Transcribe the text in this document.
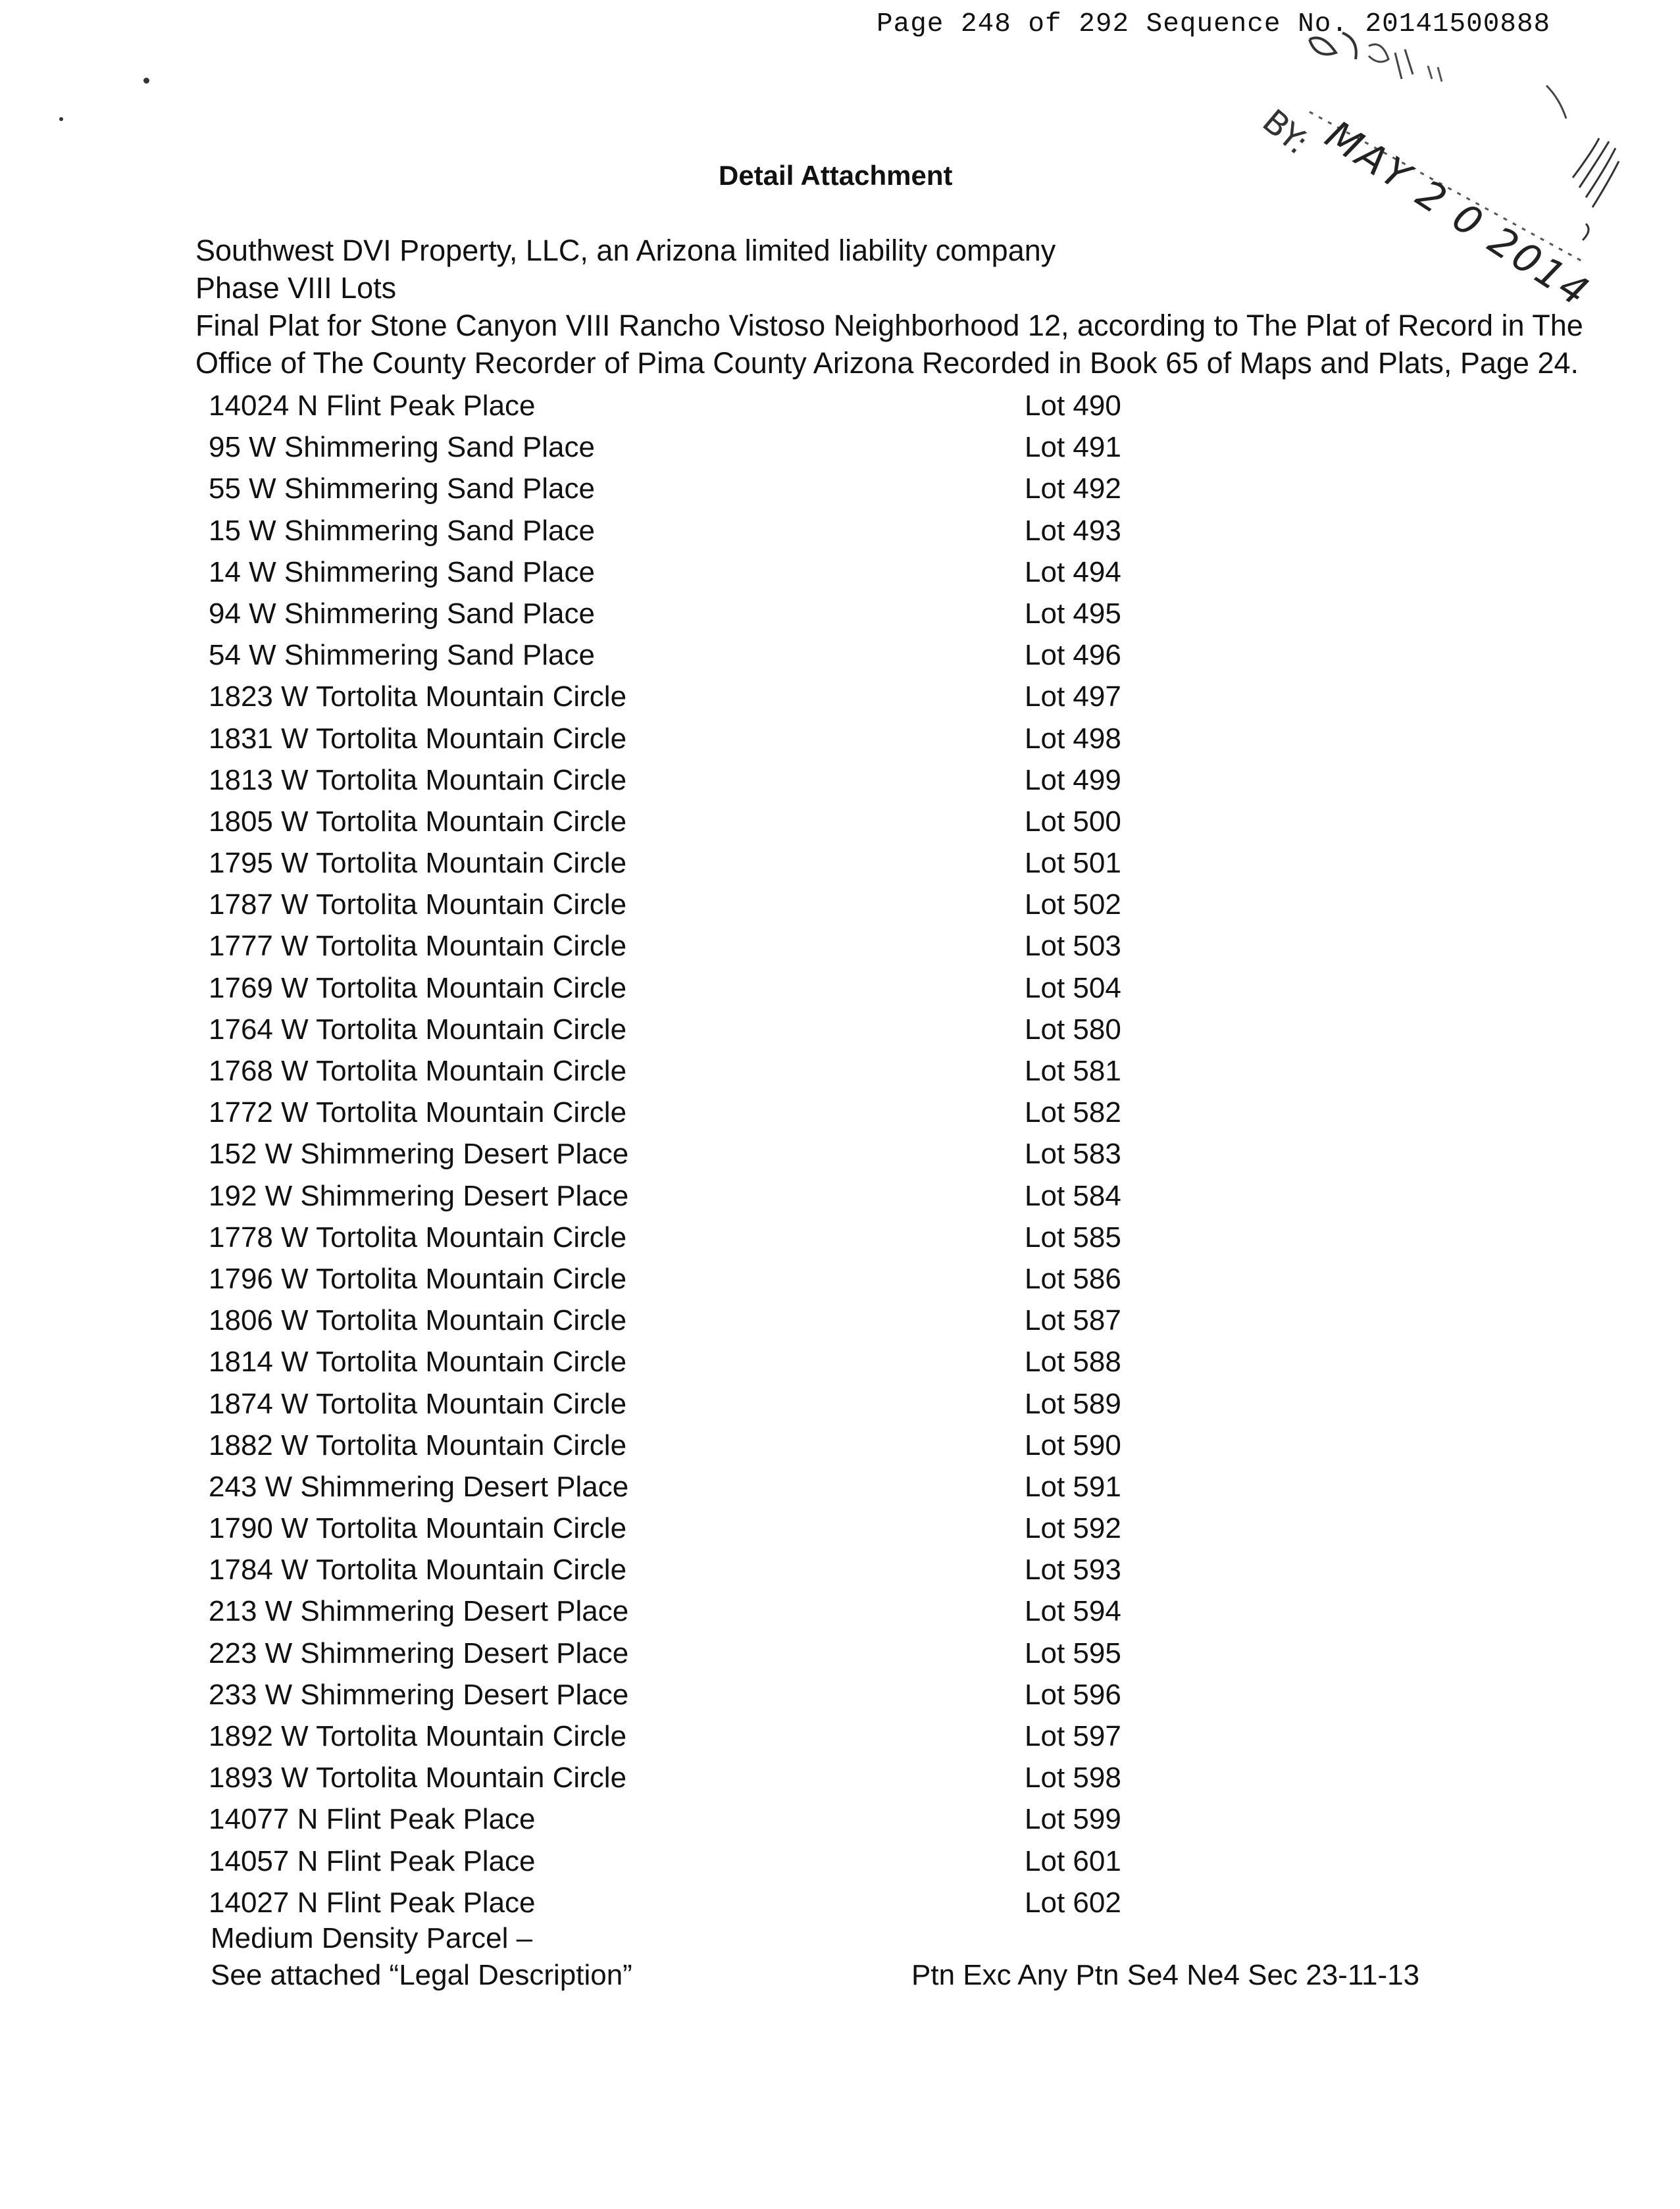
Page 248 of 292 Sequence No. 20141500888
BY: MAY 2 0 2014
Detail Attachment
Southwest DVI Property, LLC, an Arizona limited liability company
Phase VIII Lots
Final Plat for Stone Canyon VIII Rancho Vistoso Neighborhood 12, according to The Plat of Record in The
Office of The County Recorder of Pima County Arizona Recorded in Book 65 of Maps and Plats, Page 24.
14024 N Flint Peak Place	Lot 490
95 W Shimmering Sand Place	Lot 491
55 W Shimmering Sand Place	Lot 492
15 W Shimmering Sand Place	Lot 493
14 W Shimmering Sand Place	Lot 494
94 W Shimmering Sand Place	Lot 495
54 W Shimmering Sand Place	Lot 496
1823 W Tortolita Mountain Circle	Lot 497
1831 W Tortolita Mountain Circle	Lot 498
1813 W Tortolita Mountain Circle	Lot 499
1805 W Tortolita Mountain Circle	Lot 500
1795 W Tortolita Mountain Circle	Lot 501
1787 W Tortolita Mountain Circle	Lot 502
1777 W Tortolita Mountain Circle	Lot 503
1769 W Tortolita Mountain Circle	Lot 504
1764 W Tortolita Mountain Circle	Lot 580
1768 W Tortolita Mountain Circle	Lot 581
1772 W Tortolita Mountain Circle	Lot 582
152 W Shimmering Desert Place	Lot 583
192 W Shimmering Desert Place	Lot 584
1778 W Tortolita Mountain Circle	Lot 585
1796 W Tortolita Mountain Circle	Lot 586
1806 W Tortolita Mountain Circle	Lot 587
1814 W Tortolita Mountain Circle	Lot 588
1874 W Tortolita Mountain Circle	Lot 589
1882 W Tortolita Mountain Circle	Lot 590
243 W Shimmering Desert Place	Lot 591
1790 W Tortolita Mountain Circle	Lot 592
1784 W Tortolita Mountain Circle	Lot 593
213 W Shimmering Desert Place	Lot 594
223 W Shimmering Desert Place	Lot 595
233 W Shimmering Desert Place	Lot 596
1892 W Tortolita Mountain Circle	Lot 597
1893 W Tortolita Mountain Circle	Lot 598
14077 N Flint Peak Place	Lot 599
14057 N Flint Peak Place	Lot 601
14027 N Flint Peak Place	Lot 602
Medium Density Parcel –
See attached “Legal Description”	Ptn Exc Any Ptn Se4 Ne4 Sec 23-11-13
